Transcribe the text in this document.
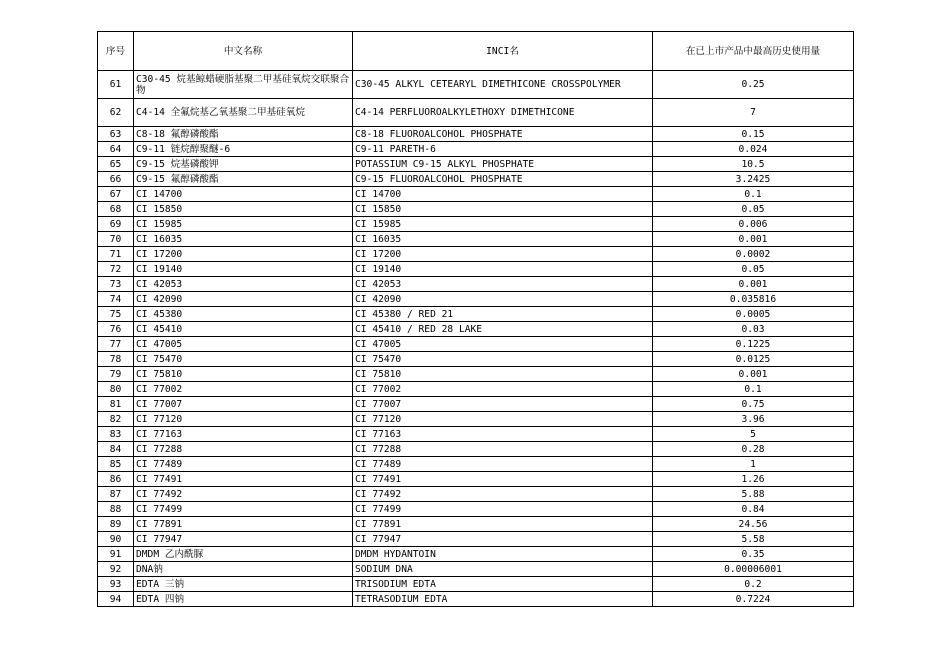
序号	中文名称	INCI名	在已上市产品中最高历史使用量
61	C30-45 烷基鲸蜡硬脂基聚二甲基硅氧烷交联聚合物	C30-45 ALKYL CETEARYL DIMETHICONE CROSSPOLYMER	0.25
62	C4-14 全氟烷基乙氧基聚二甲基硅氧烷	C4-14 PERFLUOROALKYLETHOXY DIMETHICONE	7
63	C8-18 氟醇磷酸酯	C8-18 FLUOROALCOHOL PHOSPHATE	0.15
64	C9-11 链烷醇聚醚-6	C9-11 PARETH-6	0.024
65	C9-15 烷基磷酸钾	POTASSIUM C9-15 ALKYL PHOSPHATE	10.5
66	C9-15 氟醇磷酸酯	C9-15 FLUOROALCOHOL PHOSPHATE	3.2425
67	CI 14700	CI 14700	0.1
68	CI 15850	CI 15850	0.05
69	CI 15985	CI 15985	0.006
70	CI 16035	CI 16035	0.001
71	CI 17200	CI 17200	0.0002
72	CI 19140	CI 19140	0.05
73	CI 42053	CI 42053	0.001
74	CI 42090	CI 42090	0.035816
75	CI 45380	CI 45380 / RED 21	0.0005
76	CI 45410	CI 45410 / RED 28 LAKE	0.03
77	CI 47005	CI 47005	0.1225
78	CI 75470	CI 75470	0.0125
79	CI 75810	CI 75810	0.001
80	CI 77002	CI 77002	0.1
81	CI 77007	CI 77007	0.75
82	CI 77120	CI 77120	3.96
83	CI 77163	CI 77163	5
84	CI 77288	CI 77288	0.28
85	CI 77489	CI 77489	1
86	CI 77491	CI 77491	1.26
87	CI 77492	CI 77492	5.88
88	CI 77499	CI 77499	0.84
89	CI 77891	CI 77891	24.56
90	CI 77947	CI 77947	5.58
91	DMDM 乙内酰脲	DMDM HYDANTOIN	0.35
92	DNA钠	SODIUM DNA	0.00006001
93	EDTA 三钠	TRISODIUM EDTA	0.2
94	EDTA 四钠	TETRASODIUM EDTA	0.7224
